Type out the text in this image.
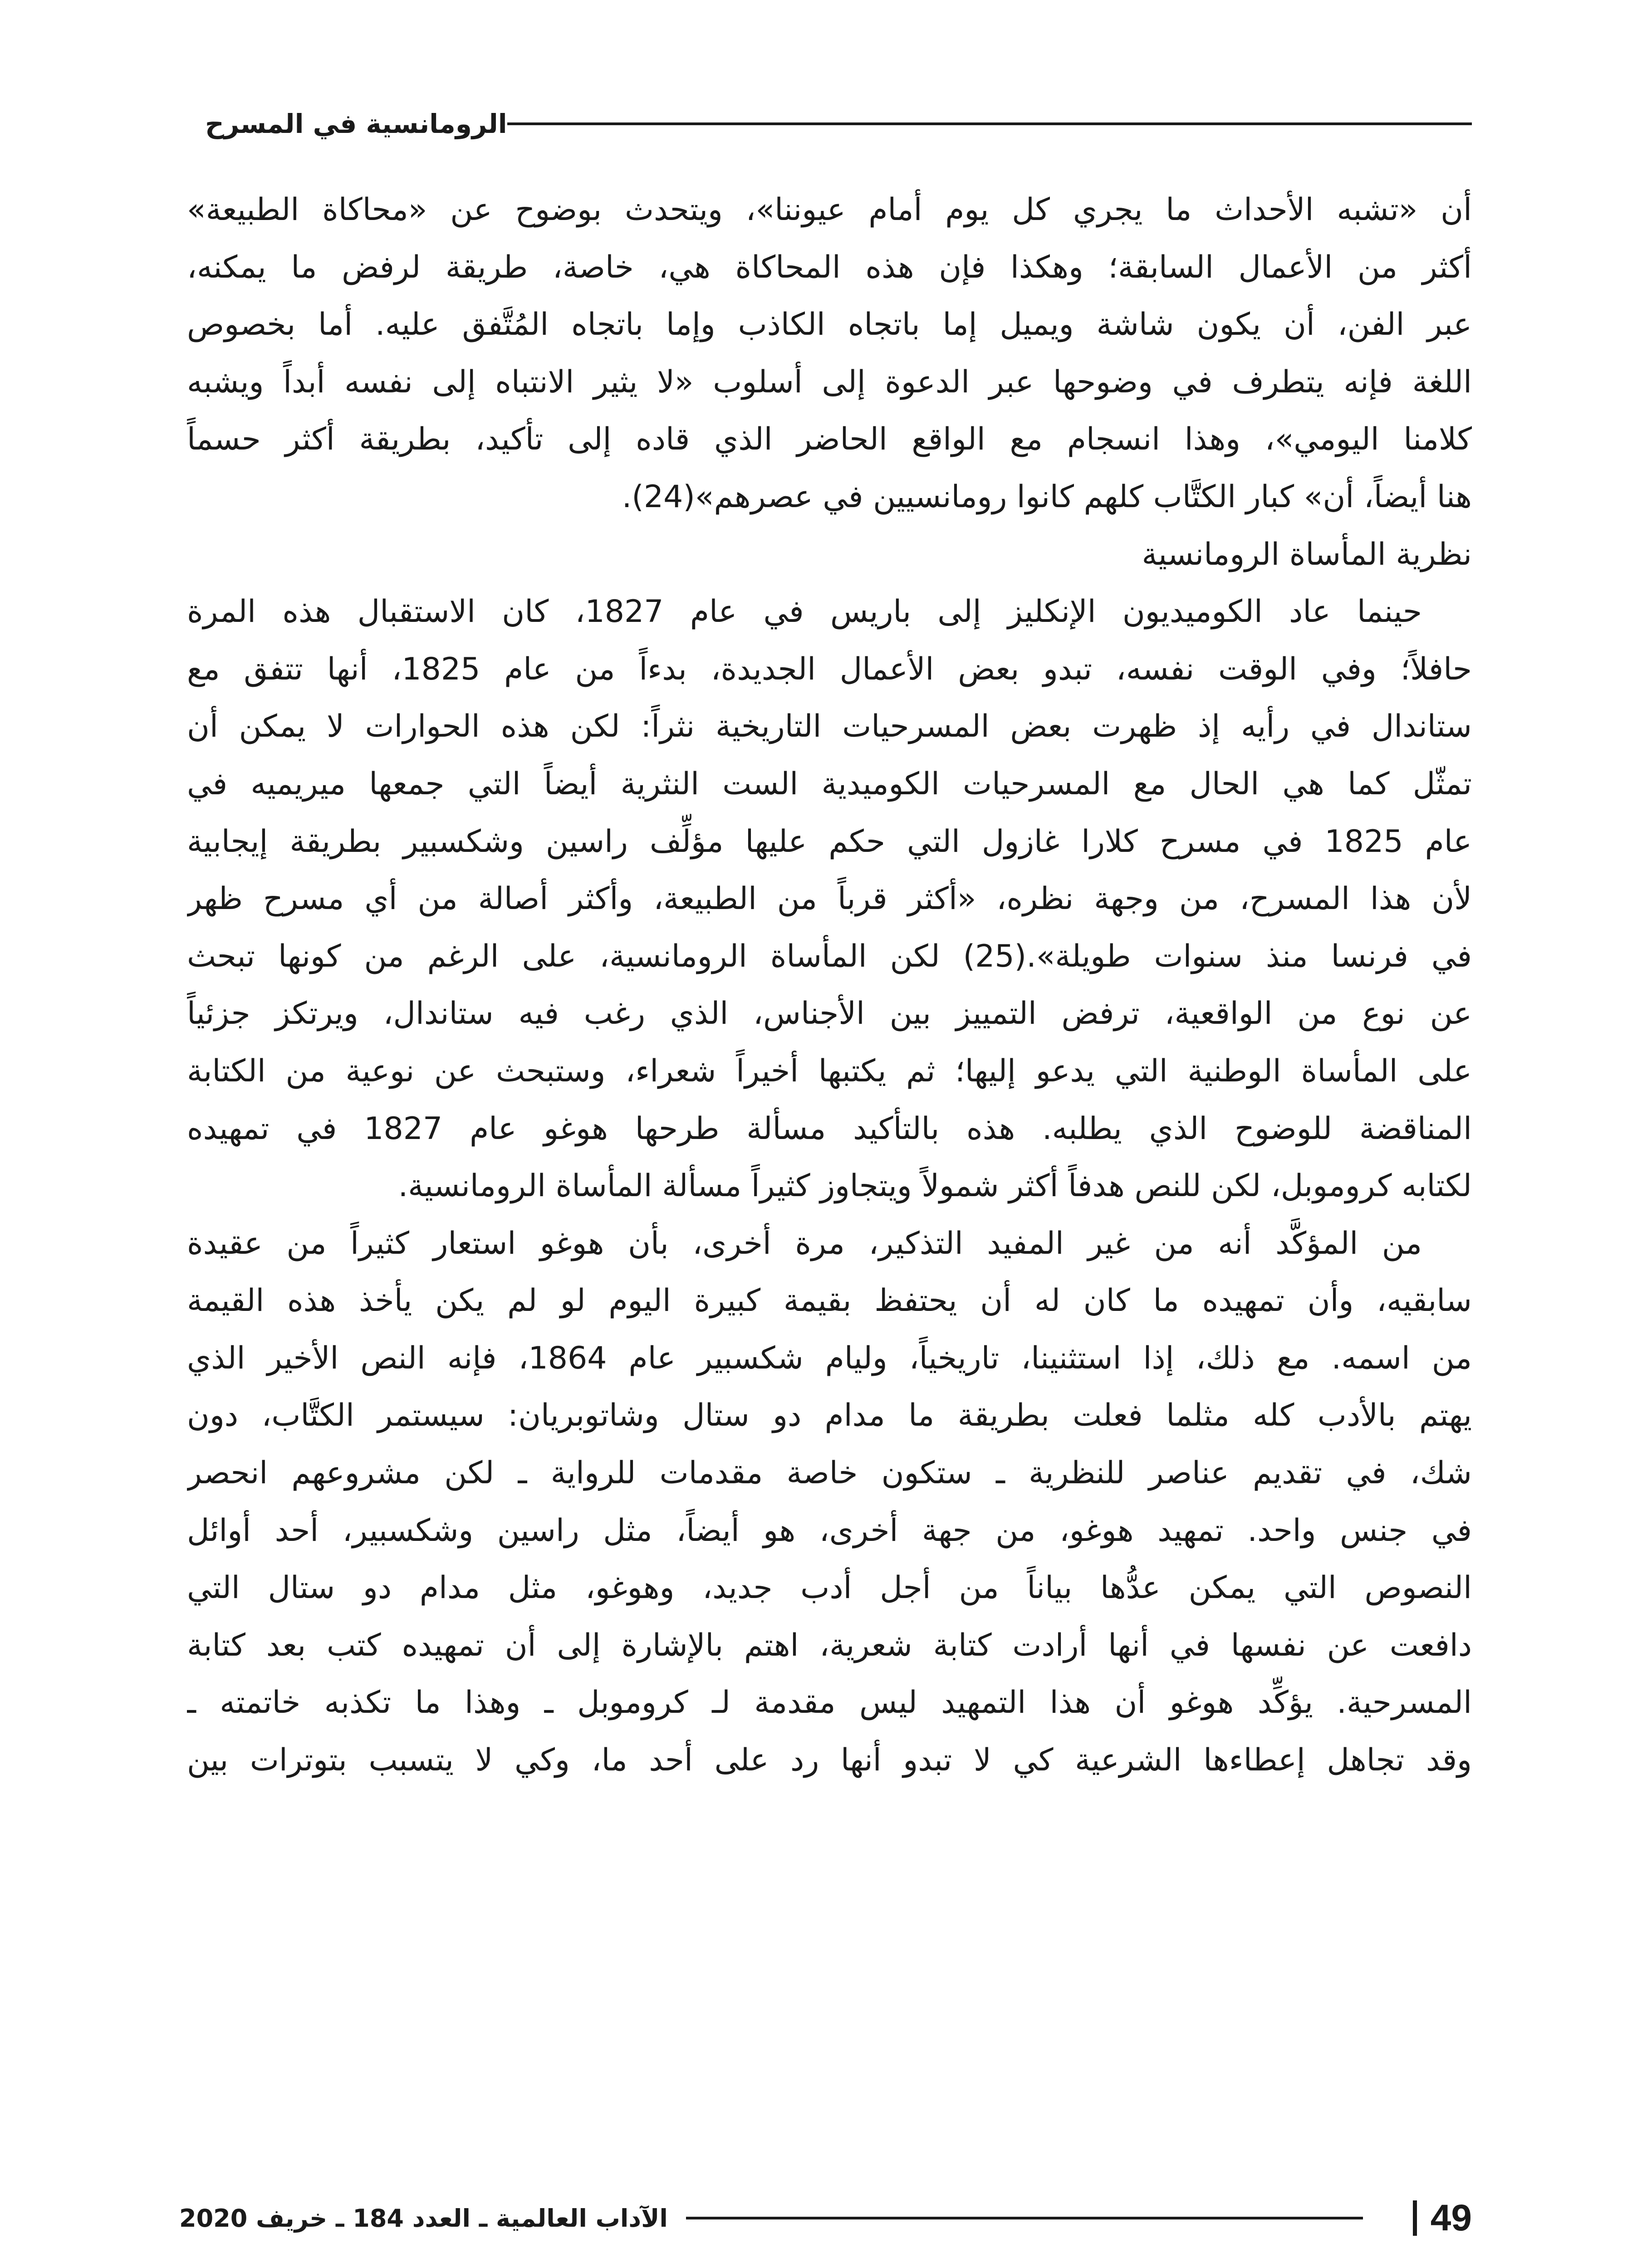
الرومانسية في المسرح
أن «تشبه الأحداث ما يجري كل يوم أمام عيوننا»، ويتحدث بوضوح عن «محاكاة الطبيعة»
أكثر من الأعمال السابقة؛ وهكذا فإن هذه المحاكاة هي، خاصة، طريقة لرفض ما يمكنه،
عبر الفن، أن يكون شاشة ويميل إما باتجاه الكاذب وإما باتجاه المُتَّفق عليه. أما بخصوص
اللغة فإنه يتطرف في وضوحها عبر الدعوة إلى أسلوب «لا يثير الانتباه إلى نفسه أبداً ويشبه
كلامنا اليومي»، وهذا انسجام مع الواقع الحاضر الذي قاده إلى تأكيد، بطريقة أكثر حسماً
هنا أيضاً، أن» كبار الكتَّاب كلهم كانوا رومانسيين في عصرهم»(24).
نظرية المأساة الرومانسية
حينما عاد الكوميديون الإنكليز إلى باريس في عام 1827، كان الاستقبال هذه المرة
حافلاً؛ وفي الوقت نفسه، تبدو بعض الأعمال الجديدة، بدءاً من عام 1825، أنها تتفق مع
ستاندال في رأيه إذ ظهرت بعض المسرحيات التاريخية نثراً: لكن هذه الحوارات لا يمكن أن
تمثّل كما هي الحال مع المسرحيات الكوميدية الست النثرية أيضاً التي جمعها ميريميه في
عام 1825 في مسرح كلارا غازول التي حكم عليها مؤلِّف راسين وشكسبير بطريقة إيجابية
لأن هذا المسرح، من وجهة نظره، «أكثر قرباً من الطبيعة، وأكثر أصالة من أي مسرح ظهر
في فرنسا منذ سنوات طويلة».(25) لكن المأساة الرومانسية، على الرغم من كونها تبحث
عن نوع من الواقعية، ترفض التمييز بين الأجناس، الذي رغب فيه ستاندال، ويرتكز جزئياً
على المأساة الوطنية التي يدعو إليها؛ ثم يكتبها أخيراً شعراء، وستبحث عن نوعية من الكتابة
المناقضة للوضوح الذي يطلبه. هذه بالتأكيد مسألة طرحها هوغو عام 1827 في تمهيده
لكتابه كروموبل، لكن للنص هدفاً أكثر شمولاً ويتجاوز كثيراً مسألة المأساة الرومانسية.
من المؤكَّد أنه من غير المفيد التذكير، مرة أخرى، بأن هوغو استعار كثيراً من عقيدة
سابقيه، وأن تمهيده ما كان له أن يحتفظ بقيمة كبيرة اليوم لو لم يكن يأخذ هذه القيمة
من اسمه. مع ذلك، إذا استثنينا، تاريخياً، وليام شكسبير عام 1864، فإنه النص الأخير الذي
يهتم بالأدب كله مثلما فعلت بطريقة ما مدام دو ستال وشاتوبريان: سيستمر الكتَّاب، دون
شك، في تقديم عناصر للنظرية ـ ستكون خاصة مقدمات للرواية ـ لكن مشروعهم انحصر
في جنس واحد. تمهيد هوغو، من جهة أخرى، هو أيضاً، مثل راسين وشكسبير، أحد أوائل
النصوص التي يمكن عدُّها بياناً من أجل أدب جديد، وهوغو، مثل مدام دو ستال التي
دافعت عن نفسها في أنها أرادت كتابة شعرية، اهتم بالإشارة إلى أن تمهيده كتب بعد كتابة
المسرحية. يؤكِّد هوغو أن هذا التمهيد ليس مقدمة لـ كروموبل ـ وهذا ما تكذبه خاتمته ـ
وقد تجاهل إعطاءها الشرعية كي لا تبدو أنها رد على أحد ما، وكي لا يتسبب بتوترات بين
الآداب العالمية ـ العدد 184 ـ خريف 2020	49
